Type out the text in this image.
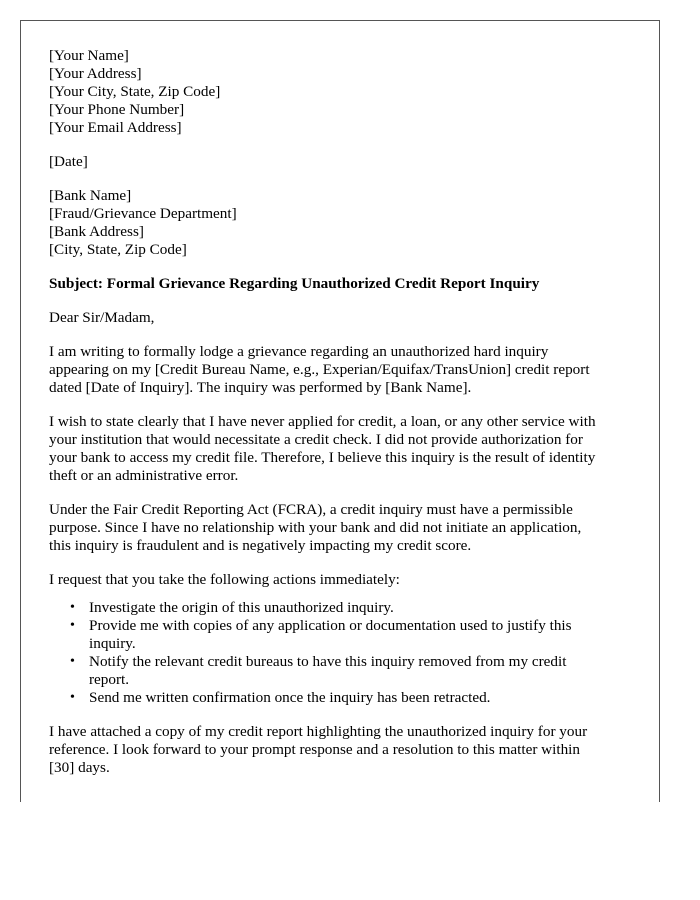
[Your Name]
[Your Address]
[Your City, State, Zip Code]
[Your Phone Number]
[Your Email Address]
[Date]
[Bank Name]
[Fraud/Grievance Department]
[Bank Address]
[City, State, Zip Code]
Subject: Formal Grievance Regarding Unauthorized Credit Report Inquiry
Dear Sir/Madam,
I am writing to formally lodge a grievance regarding an unauthorized hard inquiry
appearing on my [Credit Bureau Name, e.g., Experian/Equifax/TransUnion] credit report
dated [Date of Inquiry]. The inquiry was performed by [Bank Name].
I wish to state clearly that I have never applied for credit, a loan, or any other service with
your institution that would necessitate a credit check. I did not provide authorization for
your bank to access my credit file. Therefore, I believe this inquiry is the result of identity
theft or an administrative error.
Under the Fair Credit Reporting Act (FCRA), a credit inquiry must have a permissible
purpose. Since I have no relationship with your bank and did not initiate an application,
this inquiry is fraudulent and is negatively impacting my credit score.
I request that you take the following actions immediately:
• Investigate the origin of this unauthorized inquiry.
• Provide me with copies of any application or documentation used to justify this
inquiry.
• Notify the relevant credit bureaus to have this inquiry removed from my credit
report.
• Send me written confirmation once the inquiry has been retracted.
I have attached a copy of my credit report highlighting the unauthorized inquiry for your
reference. I look forward to your prompt response and a resolution to this matter within
[30] days.
